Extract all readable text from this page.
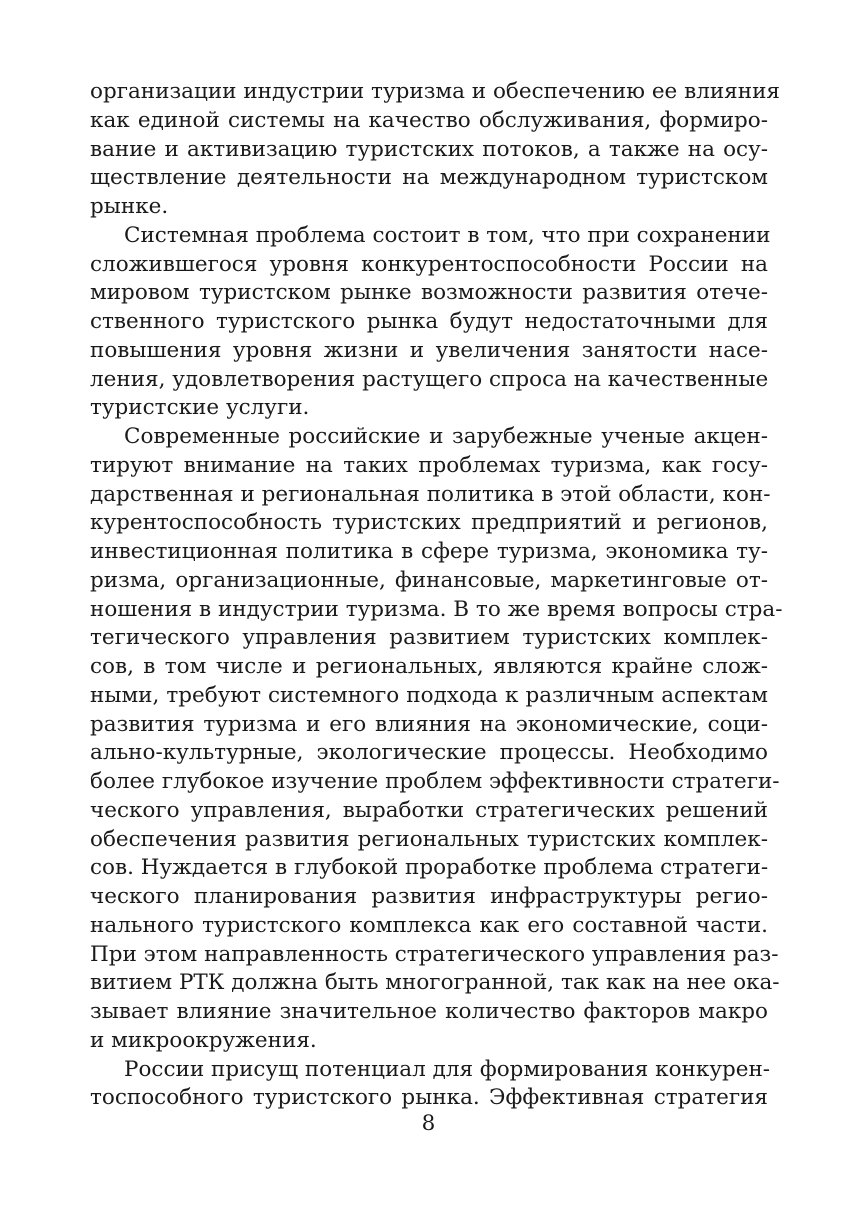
организации индустрии туризма и обеспечению ее влияния
как единой системы на качество обслуживания, формиро-
вание и активизацию туристских потоков, а также на осу-
ществление деятельности на международном туристском
рынке.
Системная проблема состоит в том, что при сохранении
сложившегося уровня конкурентоспособности России на
мировом туристском рынке возможности развития отече-
ственного туристского рынка будут недостаточными для
повышения уровня жизни и увеличения занятости насе-
ления, удовлетворения растущего спроса на качественные
туристские услуги.
Современные российские и зарубежные ученые акцен-
тируют внимание на таких проблемах туризма, как госу-
дарственная и региональная политика в этой области, кон-
курентоспособность туристских предприятий и регионов,
инвестиционная политика в сфере туризма, экономика ту-
ризма, организационные, финансовые, маркетинговые от-
ношения в индустрии туризма. В то же время вопросы стра-
тегического управления развитием туристских комплек-
сов, в том числе и региональных, являются крайне слож-
ными, требуют системного подхода к различным аспектам
развития туризма и его влияния на экономические, соци-
ально-культурные, экологические процессы. Необходимо
более глубокое изучение проблем эффективности стратеги-
ческого управления, выработки стратегических решений
обеспечения развития региональных туристских комплек-
сов. Нуждается в глубокой проработке проблема стратеги-
ческого планирования развития инфраструктуры регио-
нального туристского комплекса как его составной части.
При этом направленность стратегического управления раз-
витием РТК должна быть многогранной, так как на нее ока-
зывает влияние значительное количество факторов макро
и микроокружения.
России присущ потенциал для формирования конкурен-
тоспособного туристского рынка. Эффективная стратегия
8
